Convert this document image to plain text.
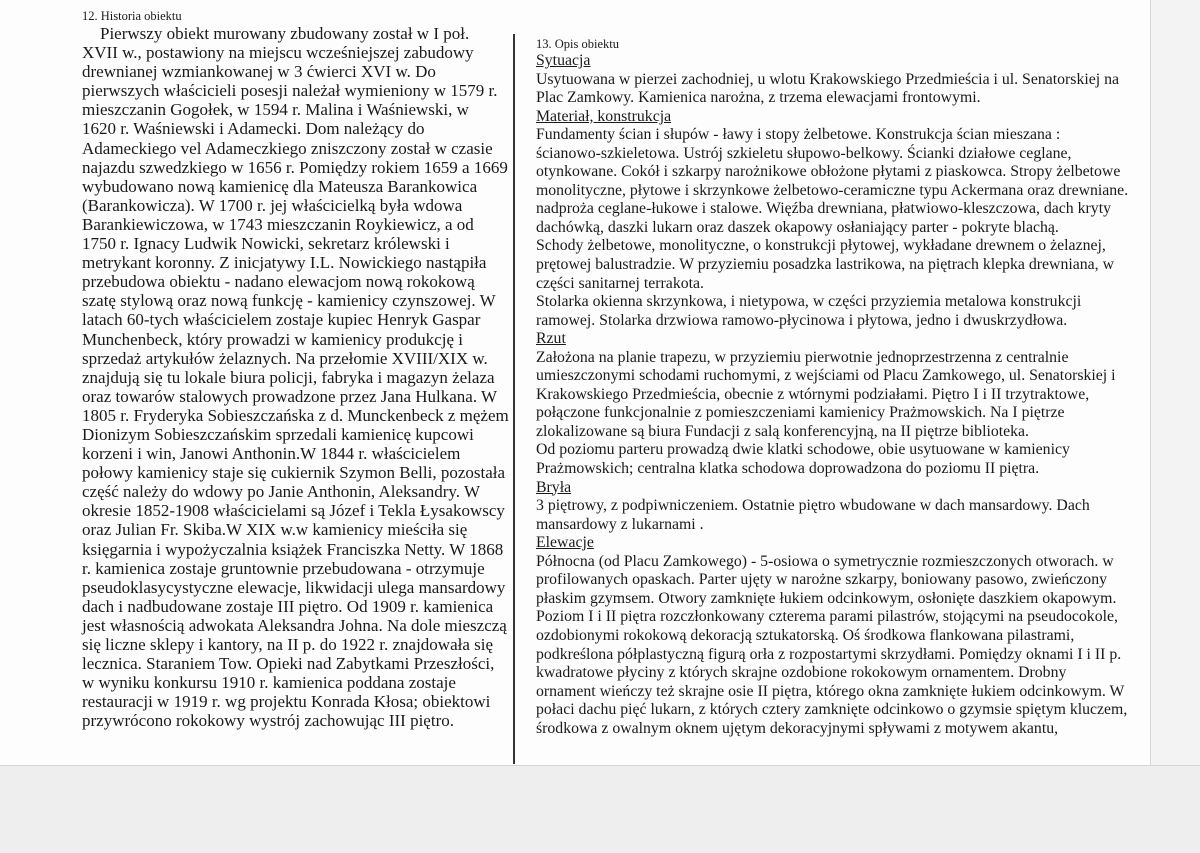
12. Historia obiektu
Pierwszy obiekt murowany zbudowany został w I poł.
XVII w., postawiony na miejscu wcześniejszej zabudowy
drewnianej wzmiankowanej w 3 ćwierci XVI w. Do
pierwszych właścicieli posesji należał wymieniony w 1579 r.
mieszczanin Gogołek, w 1594 r. Malina i Waśniewski, w
1620 r. Waśniewski i Adamecki. Dom należący do
Adameckiego vel Adameczkiego zniszczony został w czasie
najazdu szwedzkiego w 1656 r. Pomiędzy rokiem 1659 a 1669
wybudowano nową kamienicę dla Mateusza Barankowica
(Barankowicza). W 1700 r. jej właścicielką była wdowa
Barankiewiczowa, w 1743 mieszczanin Roykiewicz, a od
1750 r. Ignacy Ludwik Nowicki, sekretarz królewski i
metrykant koronny. Z inicjatywy I.L. Nowickiego nastąpiła
przebudowa obiektu - nadano elewacjom nową rokokową
szatę stylową oraz nową funkcję - kamienicy czynszowej. W
latach 60-tych właścicielem zostaje kupiec Henryk Gaspar
Munchenbeck, który prowadzi w kamienicy produkcję i
sprzedaż artykułów żelaznych. Na przełomie XVIII/XIX w.
znajdują się tu lokale biura policji, fabryka i magazyn żelaza
oraz towarów stalowych prowadzone przez Jana Hulkana. W
1805 r. Fryderyka Sobieszczańska z d. Munckenbeck z mężem
Dionizym Sobieszczańskim sprzedali kamienicę kupcowi
korzeni i win, Janowi Anthonin.W 1844 r. właścicielem
połowy kamienicy staje się cukiernik Szymon Belli, pozostała
część należy do wdowy po Janie Anthonin, Aleksandry. W
okresie 1852-1908 właścicielami są Józef i Tekla Łysakowscy
oraz Julian Fr. Skiba.W XIX w.w kamienicy mieściła się
księgarnia i wypożyczalnia książek Franciszka Netty. W 1868
r. kamienica zostaje gruntownie przebudowana - otrzymuje
pseudoklasycystyczne elewacje, likwidacji ulega mansardowy
dach i nadbudowane zostaje III piętro. Od 1909 r. kamienica
jest własnością adwokata Aleksandra Johna. Na dole mieszczą
się liczne sklepy i kantory, na II p. do 1922 r. znajdowała się
lecznica. Staraniem Tow. Opieki nad Zabytkami Przeszłości,
w wyniku konkursu 1910 r. kamienica poddana zostaje
restauracji w 1919 r. wg projektu Konrada Kłosa; obiektowi
przywrócono rokokowy wystrój zachowując III piętro.
13. Opis obiektu
Sytuacja
Usytuowana w pierzei zachodniej, u wlotu Krakowskiego Przedmieścia i ul. Senatorskiej na
Plac Zamkowy. Kamienica narożna, z trzema elewacjami frontowymi.
Materiał, konstrukcja
Fundamenty ścian i słupów - ławy i stopy żelbetowe. Konstrukcja ścian mieszana :
ścianowo-szkieletowa. Ustrój szkieletu słupowo-belkowy. Ścianki działowe ceglane,
otynkowane. Cokół i szkarpy narożnikowe obłożone płytami z piaskowca. Stropy żelbetowe
monolityczne, płytowe i skrzynkowe żelbetowo-ceramiczne typu Ackermana oraz drewniane.
nadproża ceglane-łukowe i stalowe. Więźba drewniana, płatwiowo-kleszczowa, dach kryty
dachówką, daszki lukarn oraz daszek okapowy osłaniający parter - pokryte blachą.
Schody żelbetowe, monolityczne, o konstrukcji płytowej, wykładane drewnem o żelaznej,
prętowej balustradzie. W przyziemiu posadzka lastrikowa, na piętrach klepka drewniana, w
części sanitarnej terrakota.
Stolarka okienna skrzynkowa, i nietypowa, w części przyziemia metalowa konstrukcji
ramowej. Stolarka drzwiowa ramowo-płycinowa i płytowa, jedno i dwuskrzydłowa.
Rzut
Założona na planie trapezu, w przyziemiu pierwotnie jednoprzestrzenna z centralnie
umieszczonymi schodami ruchomymi, z wejściami od Placu Zamkowego, ul. Senatorskiej i
Krakowskiego Przedmieścia, obecnie z wtórnymi podziałami. Piętro I i II trzytraktowe,
połączone funkcjonalnie z pomieszczeniami kamienicy Prażmowskich. Na I piętrze
zlokalizowane są biura Fundacji z salą konferencyjną, na II piętrze biblioteka.
Od poziomu parteru prowadzą dwie klatki schodowe, obie usytuowane w kamienicy
Prażmowskich; centralna klatka schodowa doprowadzona do poziomu II piętra.
Bryła
3 piętrowy, z podpiwniczeniem. Ostatnie piętro wbudowane w dach mansardowy. Dach
mansardowy z lukarnami .
Elewacje
Północna (od Placu Zamkowego) - 5-osiowa o symetrycznie rozmieszczonych otworach. w
profilowanych opaskach. Parter ujęty w narożne szkarpy, boniowany pasowo, zwieńczony
płaskim gzymsem. Otwory zamknięte łukiem odcinkowym, osłonięte daszkiem okapowym.
Poziom I i II piętra rozczłonkowany czterema parami pilastrów, stojącymi na pseudocokole,
ozdobionymi rokokową dekoracją sztukatorską. Oś środkowa flankowana pilastrami,
podkreślona półplastyczną figurą orła z rozpostartymi skrzydłami. Pomiędzy oknami I i II p.
kwadratowe płyciny z których skrajne ozdobione rokokowym ornamentem. Drobny
ornament wieńczy też skrajne osie II piętra, którego okna zamknięte łukiem odcinkowym. W
połaci dachu pięć lukarn, z których cztery zamknięte odcinkowo o gzymsie spiętym kluczem,
środkowa z owalnym oknem ujętym dekoracyjnymi spływami z motywem akantu,
